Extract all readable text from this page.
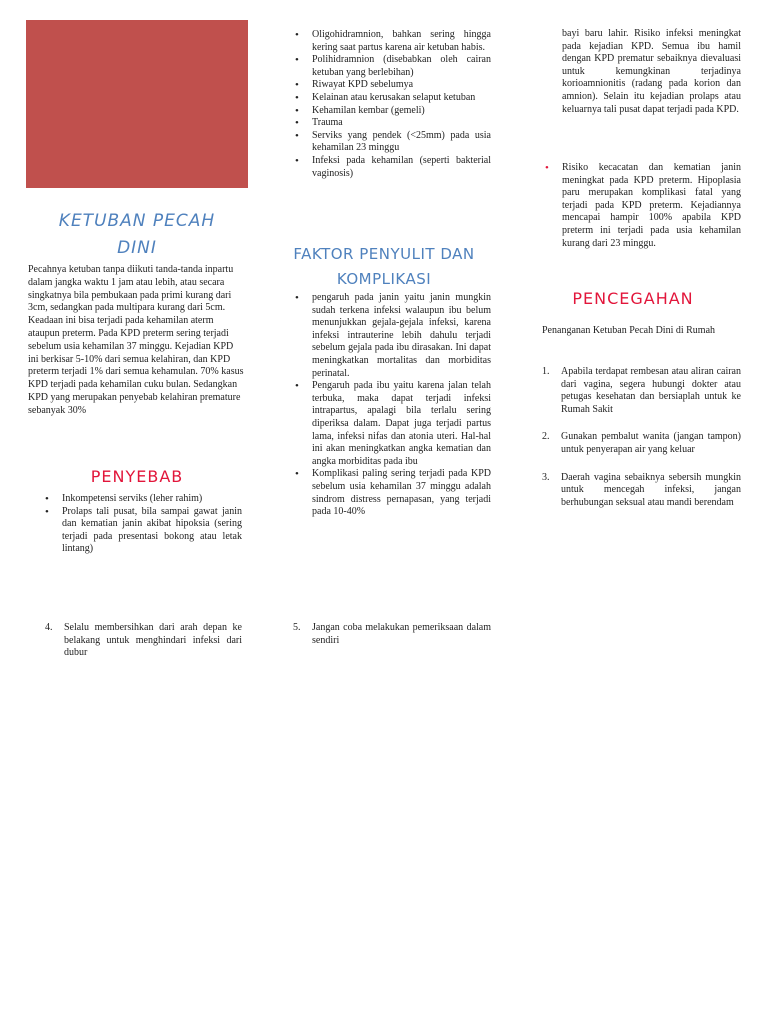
KETUBAN PECAH DINI

Pecahnya ketuban tanpa diikuti tanda-tanda inpartu dalam jangka waktu 1 jam atau lebih, atau secara singkatnya bila pembukaan pada primi kurang dari 3cm, sedangkan pada multipara kurang dari 5cm. Keadaan ini bisa terjadi pada kehamilan aterm ataupun preterm. Pada KPD preterm sering terjadi sebelum usia kehamilan 37 minggu. Kejadian KPD ini berkisar 5-10% dari semua kelahiran, dan KPD preterm terjadi 1% dari semua kehamulan. 70% kasus KPD terjadi pada kehamilan cuku bulan. Sedangkan KPD yang merupakan penyebab kelahiran premature sebanyak 30%

PENYEBAB
• Inkompetensi serviks (leher rahim)
• Prolaps tali pusat, bila sampai gawat janin dan kematian janin akibat hipoksia (sering terjadi pada presentasi bokong atau letak lintang)
4. Selalu membersihkan dari arah depan ke belakang untuk menghindari infeksi dari dubur
• Oligohidramnion, bahkan sering hingga kering saat partus karena air ketuban habis.
• Polihidramnion (disebabkan oleh cairan ketuban yang berlebihan)
• Riwayat KPD sebelumya
• Kelainan atau kerusakan selaput ketuban
• Kehamilan kembar (gemeli)
• Trauma
• Serviks yang pendek (<25mm) pada usia kehamilan 23 minggu
• Infeksi pada kehamilan (seperti bakterial vaginosis)
FAKTOR PENYULIT DAN KOMPLIKASI
• pengaruh pada janin yaitu janin mungkin sudah terkena infeksi walaupun ibu belum menunjukkan gejala-gejala infeksi, karena infeksi intrauterine lebih dahulu terjadi sebelum gejala pada ibu dirasakan. Ini dapat meningkatkan mortalitas dan morbiditas perinatal.
• Pengaruh pada ibu yaitu karena jalan telah terbuka, maka dapat terjadi infeksi intrapartus, apalagi bila terlalu sering diperiksa dalam. Dapat juga terjadi partus lama, infeksi nifas dan atonia uteri. Hal-hal ini akan meningkatkan angka kematian dan angka morbiditas pada ibu
• Komplikasi paling sering terjadi pada KPD sebelum usia kehamilan 37 minggu adalah sindrom distress pernapasan, yang terjadi pada 10-40%
5. Jangan coba melakukan pemeriksaan dalam sendiri

bayi baru lahir. Risiko infeksi meningkat pada kejadian KPD. Semua ibu hamil dengan KPD prematur sebaiknya dievaluasi untuk kemungkinan terjadinya korioamnionitis (radang pada korion dan amnion). Selain itu kejadian prolaps atau keluarnya tali pusat dapat terjadi pada KPD.

• Risiko kecacatan dan kematian janin meningkat pada KPD preterm. Hipoplasia paru merupakan komplikasi fatal yang terjadi pada KPD preterm. Kejadiannya mencapai hampir 100% apabila KPD preterm ini terjadi pada usia kehamilan kurang dari 23 minggu.
PENCEGAHAN

Penanganan Ketuban Pecah Dini di Rumah

1. Apabila terdapat rembesan atau aliran cairan dari vagina, segera hubungi dokter atau petugas kesehatan dan bersiaplah untuk ke Rumah Sakit
2. Gunakan pembalut wanita (jangan tampon) untuk penyerapan air yang keluar
3. Daerah vagina sebaiknya sebersih mungkin untuk mencegah infeksi, jangan berhubungan seksual atau mandi berendam
